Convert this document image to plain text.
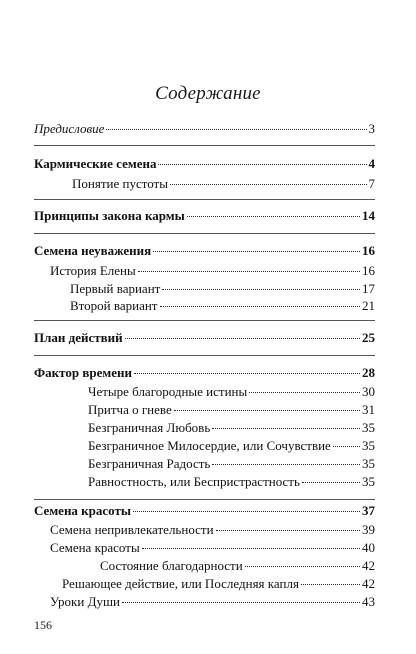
Содержание
Предисловие	3
Кармические семена	4
Понятие пустоты	7
Принципы закона кармы	14
Семена неуважения	16
История Елены	16
Первый вариант	17
Второй вариант	21
План действий	25
Фактор времени	28
Четыре благородные истины	30
Притча о гневе	31
Безграничная Любовь	35
Безграничное Милосердие, или Сочувствие 35
Безграничная Радость	35
Равностность, или Беспристрастность	35
Семена красоты	37
Семена непривлекательности	39
Семена красоты	40
Состояние благодарности	42
Решающее действие, или Последняя капля	42
Уроки Души	43
156
